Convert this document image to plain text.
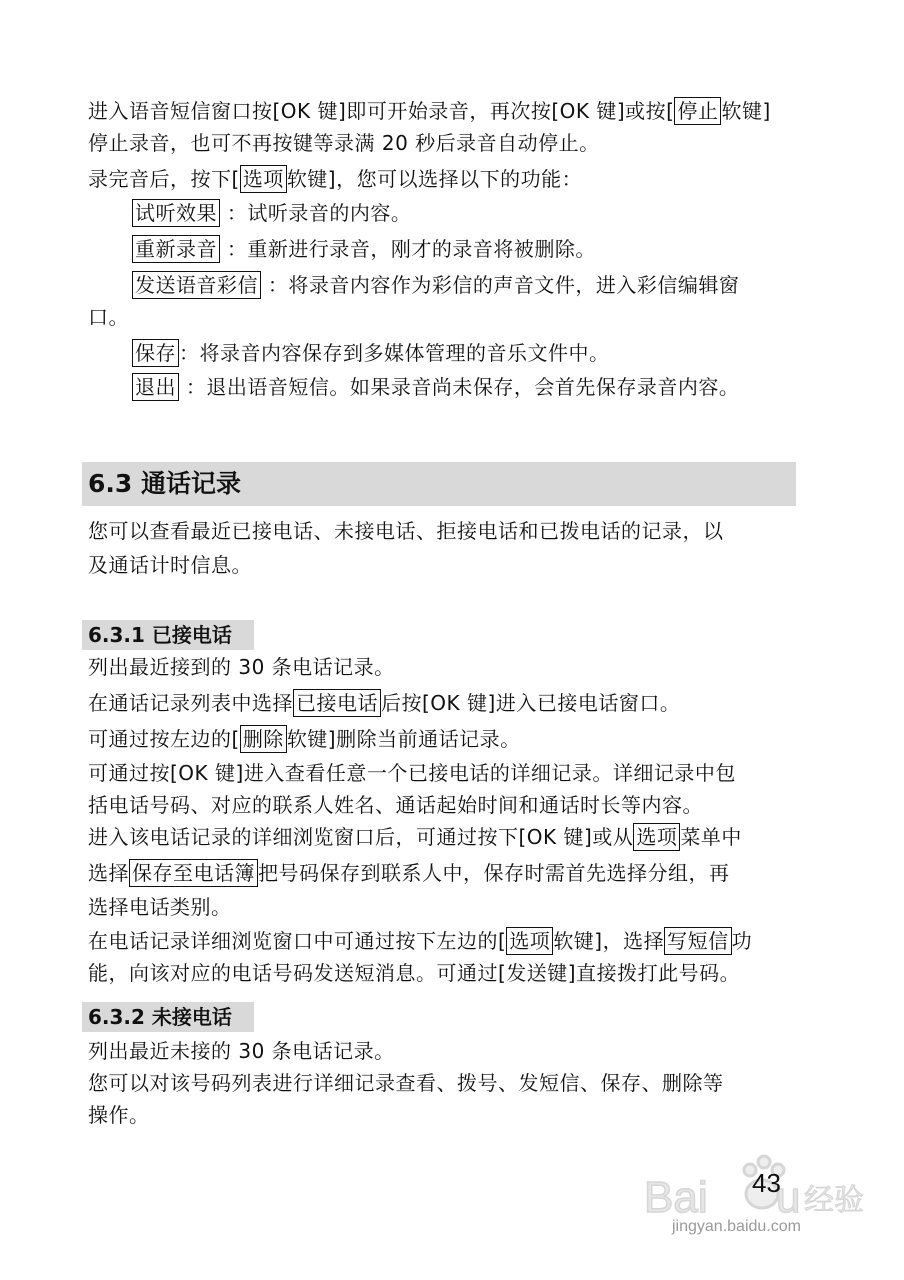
进入语音短信窗口按[OK 键]即可开始录音，再次按[OK 键]或按[ 停止 软键]
停止录音，也可不再按键等录满 20 秒后录音自动停止。
录完音后，按下[ 选项 软键]，您可以选择以下的功能：
试听效果 ：试听录音的内容。
重新录音 ：重新进行录音，刚才的录音将被删除。
发送语音彩信 ：将录音内容作为彩信的声音文件，进入彩信编辑窗
口。
保存 ：将录音内容保存到多媒体管理的音乐文件中。
退出 ：退出语音短信。如果录音尚未保存，会首先保存录音内容。
6.3 通话记录
您可以查看最近已接电话、未接电话、拒接电话和已拨电话的记录，以
及通话计时信息。
6.3.1 已接电话
列出最近接到的 30 条电话记录。
在通话记录列表中选择 已接电话 后按[OK 键]进入已接电话窗口。
可通过按左边的[ 删除 软键]删除当前通话记录。
可通过按[OK 键]进入查看任意一个已接电话的详细记录。详细记录中包
括电话号码、对应的联系人姓名、通话起始时间和通话时长等内容。
进入该电话记录的详细浏览窗口后，可通过按下[OK 键]或从 选项 菜单中
选择 保存至电话簿 把号码保存到联系人中，保存时需首先选择分组，再
选择电话类别。
在电话记录详细浏览窗口中可通过按下左边的[ 选项 软键]，选择 写短信 功
能，向该对应的电话号码发送短消息。可通过[发送键]直接拨打此号码。
6.3.2 未接电话
列出最近未接的 30 条电话记录。
您可以对该号码列表进行详细记录查看、拨号、发短信、保存、删除等
操作。
Bai u 经验
jingyan.baidu.com
43
